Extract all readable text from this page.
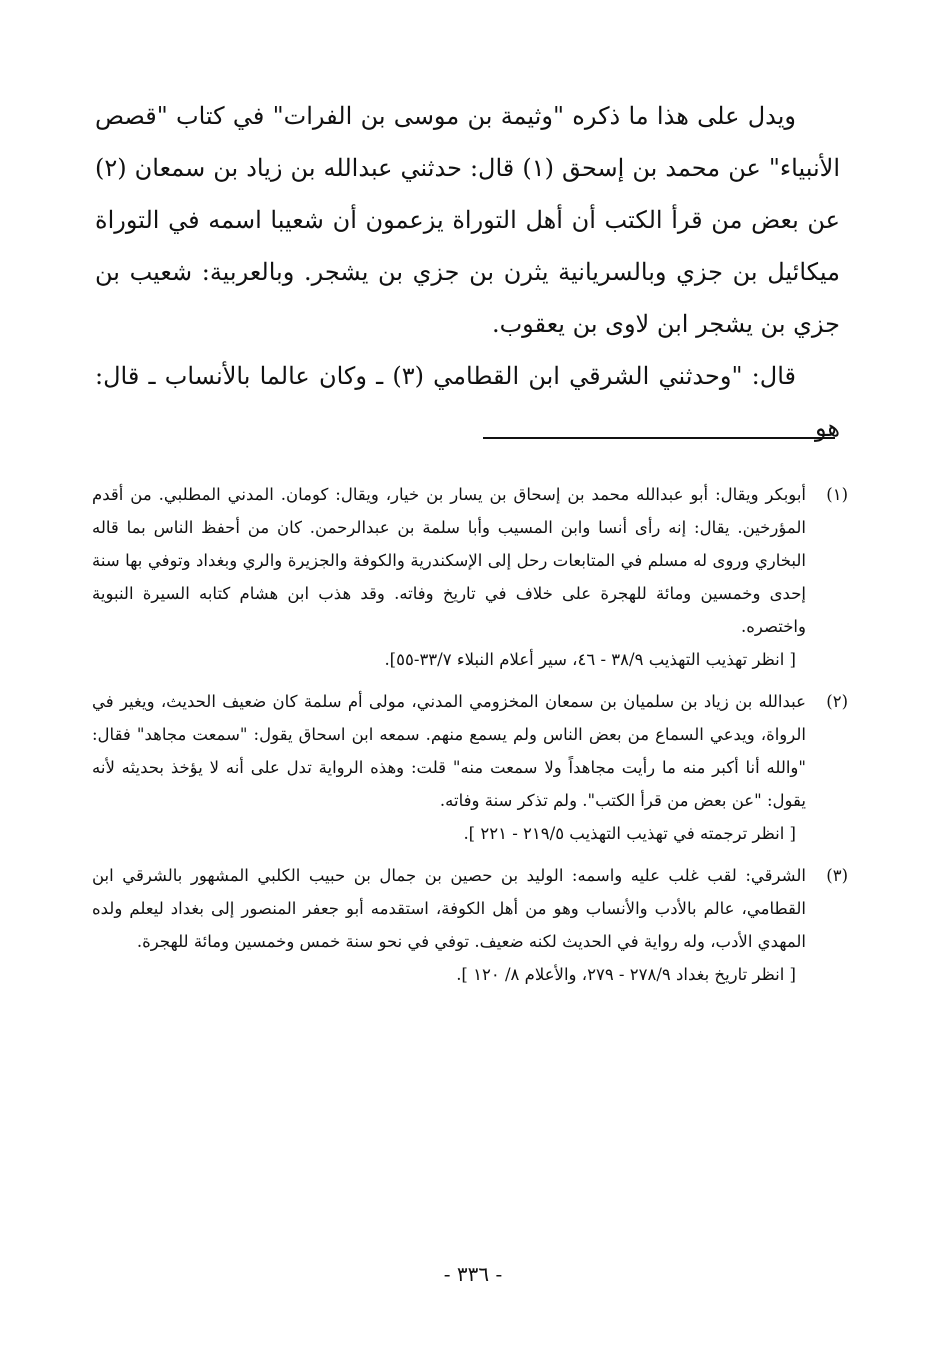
ويدل على هذا ما ذكره "وثيمة بن موسى بن الفرات" في كتاب "قصص الأنبياء" عن محمد بن إسحق (١) قال: حدثني عبدالله بن زياد بن سمعان (٢) عن بعض من قرأ الكتب أن أهل التوراة يزعمون أن شعيبا اسمه في التوراة ميكائيل بن جزي وبالسريانية يثرن بن جزي بن يشجر. وبالعربية: شعيب بن جزي بن يشجر ابن لاوى بن يعقوب.

قال: "وحدثني الشرقي ابن القطامي (٣) ـ وكان عالما بالأنساب ـ قال: هو

(١)

أبوبكر ويقال: أبو عبدالله محمد بن إسحاق بن يسار بن خيار، ويقال: كومان. المدني المطلبي. من أقدم المؤرخين. يقال: إنه رأى أنسا وابن المسيب وأبا سلمة بن عبدالرحمن. كان من أحفظ الناس بما قاله البخاري وروى له مسلم في المتابعات رحل إلى الإسكندرية والكوفة والجزيرة والري وبغداد وتوفي بها سنة إحدى وخمسين ومائة للهجرة على خلاف في تاريخ وفاته. وقد هذب ابن هشام كتابه السيرة النبوية واختصره.

[ انظر تهذيب التهذيب ٣٨/٩ - ٤٦، سير أعلام النبلاء ٣٣/٧-٥٥].

(٢)

عبدالله بن زياد بن سلميان بن سمعان المخزومي المدني، مولى أم سلمة كان ضعيف الحديث، ويغير في الرواة، ويدعي السماع من بعض الناس ولم يسمع منهم. سمعه ابن اسحاق يقول: "سمعت مجاهد" فقال: "والله أنا أكبر منه ما رأيت مجاهداً ولا سمعت منه" قلت: وهذه الرواية تدل على أنه لا يؤخذ بحديثه لأنه يقول: "عن بعض من قرأ الكتب". ولم تذكر سنة وفاته.

[ انظر ترجمته في تهذيب التهذيب ٢١٩/٥ - ٢٢١ ].

(٣)

الشرقي: لقب غلب عليه واسمه: الوليد بن حصين بن جمال بن حبيب الكلبي المشهور بالشرقي ابن القطامي، عالم بالأدب والأنساب وهو من أهل الكوفة، استقدمه أبو جعفر المنصور إلى بغداد ليعلم ولده المهدي الأدب، وله رواية في الحديث لكنه ضعيف. توفي في نحو سنة خمس وخمسين ومائة للهجرة.

[ انظر تاريخ بغداد ٢٧٨/٩ - ٢٧٩، والأعلام ٨/ ١٢٠ ].

- ٣٣٦ -
